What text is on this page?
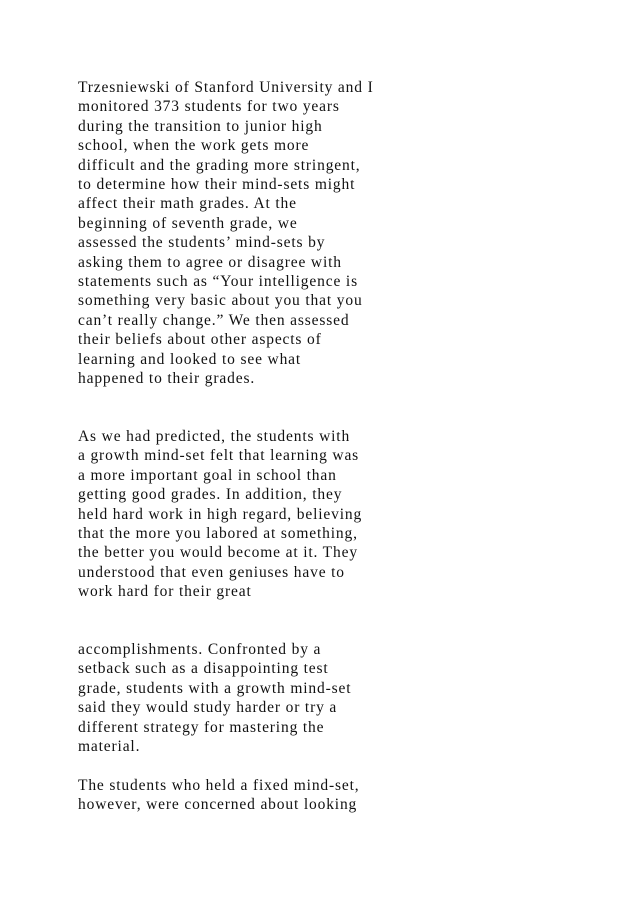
Trzesniewski of Stanford University and I
monitored 373 students for two years
during the transition to junior high
school, when the work gets more
difficult and the grading more stringent,
to determine how their mind-sets might
affect their math grades. At the
beginning of seventh grade, we
assessed the students’ mind-sets by
asking them to agree or disagree with
statements such as “Your intelligence is
something very basic about you that you
can’t really change.” We then assessed
their beliefs about other aspects of
learning and looked to see what
happened to their grades.

As we had predicted, the students with
a growth mind-set felt that learning was
a more important goal in school than
getting good grades. In addition, they
held hard work in high regard, believing
that the more you labored at something,
the better you would become at it. They
understood that even geniuses have to
work hard for their great

accomplishments. Confronted by a
setback such as a disappointing test
grade, students with a growth mind-set
said they would study harder or try a
different strategy for mastering the
material.

The students who held a fixed mind-set,
however, were concerned about looking
